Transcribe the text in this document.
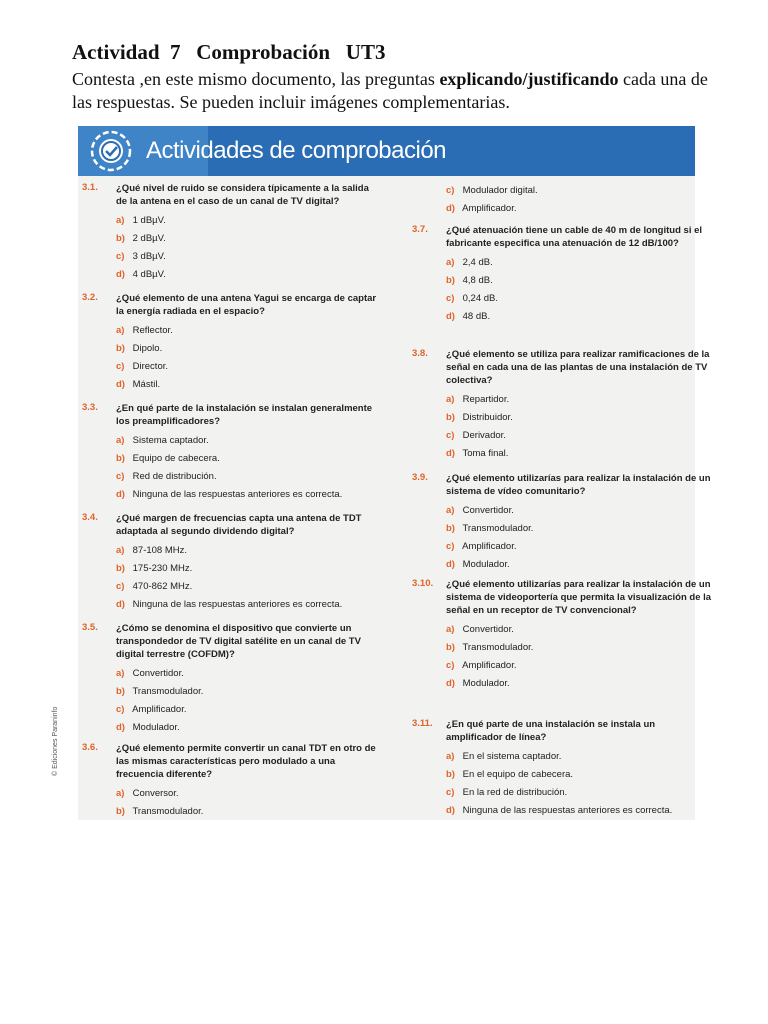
Actividad  7   Comprobación   UT3
Contesta ,en este mismo documento, las preguntas explicando/justificando cada una de las respuestas. Se pueden incluir imágenes complementarias.
Actividades de comprobación
© Ediciones Paraninfo
3.1. ¿Qué nivel de ruido se considera típicamente a la salida de la antena en el caso de un canal de TV digital?
a) 1 dBµV.
b) 2 dBµV.
c) 3 dBµV.
d) 4 dBµV.
3.2. ¿Qué elemento de una antena Yagui se encarga de captar la energía radiada en el espacio?
a) Reflector.
b) Dipolo.
c) Director.
d) Mástil.
3.3. ¿En qué parte de la instalación se instalan generalmente los preamplificadores?
a) Sistema captador.
b) Equipo de cabecera.
c) Red de distribución.
d) Ninguna de las respuestas anteriores es correcta.
3.4. ¿Qué margen de frecuencias capta una antena de TDT adaptada al segundo dividendo digital?
a) 87-108 MHz.
b) 175-230 MHz.
c) 470-862 MHz.
d) Ninguna de las respuestas anteriores es correcta.
3.5. ¿Cómo se denomina el dispositivo que convierte un transpondedor de TV digital satélite en un canal de TV digital terrestre (COFDM)?
a) Convertidor.
b) Transmodulador.
c) Amplificador.
d) Modulador.
3.6. ¿Qué elemento permite convertir un canal TDT en otro de las mismas características pero modulado a una frecuencia diferente?
a) Conversor.
b) Transmodulador.
c) Modulador digital.
d) Amplificador.
3.7. ¿Qué atenuación tiene un cable de 40 m de longitud si el fabricante especifica una atenuación de 12 dB/100?
a) 2,4 dB.
b) 4,8 dB.
c) 0,24 dB.
d) 48 dB.
3.8. ¿Qué elemento se utiliza para realizar ramificaciones de la señal en cada una de las plantas de una instalación de TV colectiva?
a) Repartidor.
b) Distribuidor.
c) Derivador.
d) Toma final.
3.9. ¿Qué elemento utilizarías para realizar la instalación de un sistema de vídeo comunitario?
a) Convertidor.
b) Transmodulador.
c) Amplificador.
d) Modulador.
3.10. ¿Qué elemento utilizarías para realizar la instalación de un sistema de videoportería que permita la visualización de la señal en un receptor de TV convencional?
a) Convertidor.
b) Transmodulador.
c) Amplificador.
d) Modulador.
3.11. ¿En qué parte de una instalación se instala un amplificador de línea?
a) En el sistema captador.
b) En el equipo de cabecera.
c) En la red de distribución.
d) Ninguna de las respuestas anteriores es correcta.
